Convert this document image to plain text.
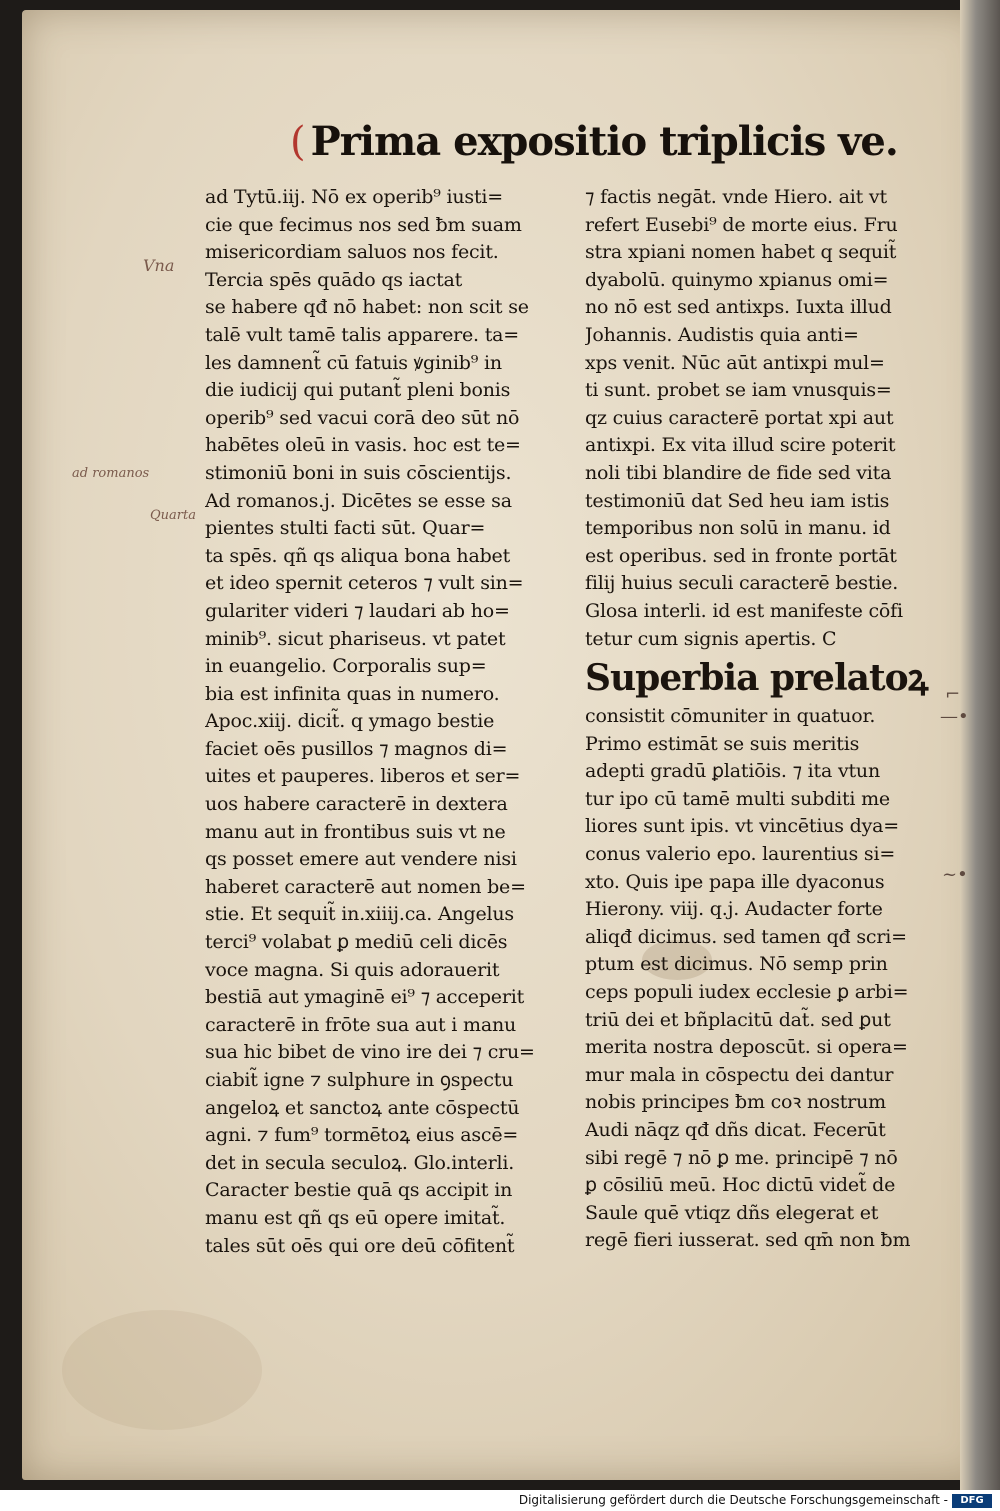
( Prima expositio triplicis ve.
ad Tytū.iij. Nō ex operib⁹ iusti=
cie que fecimus nos sed ƀm suam
misericordiam saluos nos fecit.
Tercia spēs quādo qs iactat
se habere qđ nō habet: non scit se
talē vult tamē talis apparere. ta=
les damnent̃ cū fatuis ꝟginib⁹ in
die iudicij qui putant̃ pleni bonis
operib⁹ sed vacui corā deo sūt nō
habētes oleū in vasis. hoc est te=
stimoniū boni in suis cōscientijs.
Ad romanos.j. Dicētes se esse sa
pientes stulti facti sūt. Quar=
ta spēs. qñ qs aliqua bona habet
et ideo spernit ceteros ⁊ vult sin=
gulariter videri ⁊ laudari ab ho=
minib⁹. sicut phariseus. vt patet
in euangelio. Corporalis sup=
bia est infinita quas in numero.
Apoc.xiij. dicit̃. q ymago bestie
faciet oēs pusillos ⁊ magnos di=
uites et pauperes. liberos et ser=
uos habere caracterē in dextera
manu aut in frontibus suis vt ne
qs posset emere aut vendere nisi
haberet caracterē aut nomen be=
stie. Et sequit̃ in.xiiij.ca. Angelus
terci⁹ volabat ꝑ mediū celi dicēs
voce magna. Si quis adorauerit
bestiā aut ymaginē ei⁹ ⁊ acceperit
caracterē in frōte sua aut i manu
sua hic bibet de vino ire dei ⁊ cru=
ciabit̃ igne ⁊ sulphure in ꝯspectu
angeloꝝ et sanctoꝝ ante cōspectū
agni. ⁊ fum⁹ tormētoꝝ eius ascē=
det in secula seculoꝝ. Glo.interli.
Caracter bestie quā qs accipit in
manu est qñ qs eū opere imitat̃.
tales sūt oēs qui ore deū cōfitent̃
⁊ factis negāt. vnde Hiero. ait vt
refert Eusebi⁹ de morte eius. Fru
stra xpiani nomen habet q sequit̃
dyabolū. quinymo xpianus omi=
no nō est sed antixps. Iuxta illud
Johannis. Audistis quia anti=
xps venit. Nūc aūt antixpi mul=
ti sunt. probet se iam vnusquis=
qz cuius caracterē portat xpi aut
antixpi. Ex vita illud scire poterit
noli tibi blandire de fide sed vita
testimoniū dat Sed heu iam istis
temporibus non solū in manu. id
est operibus. sed in fronte portāt
filij huius seculi caracterē bestie.
Glosa interli. id est manifeste cōfi
tetur cum signis apertis. C
Superbia prelatoꝝ
consistit cōmuniter in quatuor.
Primo estimāt se suis meritis
adepti gradū ꝑlatiōis. ⁊ ita vtun
tur ipo cū tamē multi subditi me
liores sunt ipis. vt vincētius dya=
conus valerio epo. laurentius si=
xto. Quis ipe papa ille dyaconus
Hierony. viij. q.j. Audacter forte
aliqđ dicimus. sed tamen qđ scri=
ptum est dicimus. Nō semp prin
ceps populi iudex ecclesie ꝑ arbi=
triū dei et bñplacitū dat̃. sed ꝑut
merita nostra deposcūt. si opera=
mur mala in cōspectu dei dantur
nobis principes ƀm coꝛ nostrum
Audi nāqz qđ dñs dicat. Fecerūt
sibi regē ⁊ nō ꝑ me. principē ⁊ nō
ꝑ cōsiliū meū. Hoc dictū videt̃ de
Saule quē vtiqz dñs elegerat et
regē fieri iusserat. sed qm̄ non ƀm
Vna
ad romanos
Quarta
⌐
—•
~•
Digitalisierung gefördert durch die Deutsche Forschungsgemeinschaft -	DFG
